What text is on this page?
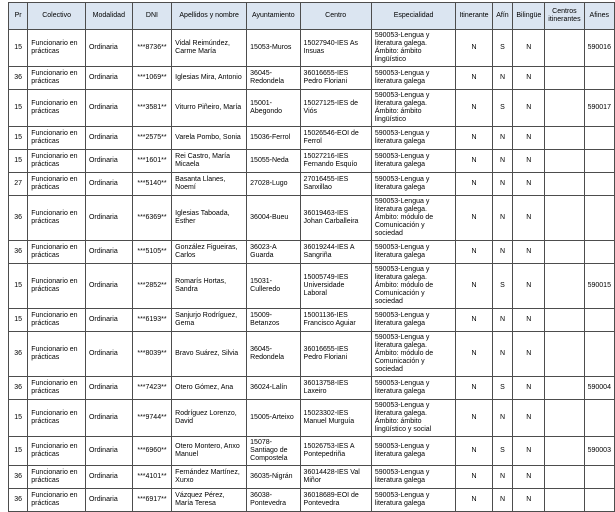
Pr	Colectivo	Modalidad	DNI	Apellidos y nombre	Ayuntamiento	Centro	Especialidad	Itinerante	Afín	Bilingüe	Centros itinerantes	Afines
15	Funcionario en prácticas	Ordinaria	***8736**	Vidal Reimúndez, Carme María	15053-Muros	15027940-IES As Insuas	590053-Lengua y literatura galega. Ámbito: ámbito lingüístico	N	S	N		590016
36	Funcionario en prácticas	Ordinaria	***1069**	Iglesias Mira, Antonio	36045-Redondela	36016655-IES Pedro Floriani	590053-Lengua y literatura galega	N	N	N		
15	Funcionario en prácticas	Ordinaria	***3581**	Viturro Piñeiro, María	15001-Abegondo	15027125-IES de Viós	590053-Lengua y literatura galega. Ámbito: ámbito lingüístico	N	S	N		590017
15	Funcionario en prácticas	Ordinaria	***2575**	Varela Pombo, Sonia	15036-Ferrol	15026546-EOI de Ferrol	590053-Lengua y literatura galega	N	N	N		
15	Funcionario en prácticas	Ordinaria	***1601**	Rei Castro, María Micaela	15055-Neda	15027216-IES Fernando Esquío	590053-Lengua y literatura galega	N	N	N		
27	Funcionario en prácticas	Ordinaria	***5140**	Basanta Llanes, Noemí	27028-Lugo	27016455-IES Sanxillao	590053-Lengua y literatura galega	N	N	N		
36	Funcionario en prácticas	Ordinaria	***6369**	Iglesias Taboada, Esther	36004-Bueu	36019463-IES Johan Carballeira	590053-Lengua y literatura galega. Ámbito: módulo de Comunicación y sociedad	N	N	N		
36	Funcionario en prácticas	Ordinaria	***5105**	González Figueiras, Carlos	36023-A Guarda	36019244-IES A Sangriña	590053-Lengua y literatura galega	N	N	N		
15	Funcionario en prácticas	Ordinaria	***2852**	Romarís Hortas, Sandra	15031-Culleredo	15005749-IES Universidade Laboral	590053-Lengua y literatura galega. Ámbito: módulo de Comunicación y sociedad	N	S	N		590015
15	Funcionario en prácticas	Ordinaria	***6193**	Sanjurjo Rodríguez, Gema	15009-Betanzos	15001136-IES Francisco Aguiar	590053-Lengua y literatura galega	N	N	N		
36	Funcionario en prácticas	Ordinaria	***8039**	Bravo Suárez, Silvia	36045-Redondela	36016655-IES Pedro Floriani	590053-Lengua y literatura galega. Ámbito: módulo de Comunicación y sociedad	N	N	N		
36	Funcionario en prácticas	Ordinaria	***7423**	Otero Gómez, Ana	36024-Lalín	36013758-IES Laxeiro	590053-Lengua y literatura galega	N	S	N		590004
15	Funcionario en prácticas	Ordinaria	***9744**	Rodríguez Lorenzo, David	15005-Arteixo	15023302-IES Manuel Murguía	590053-Lengua y literatura galega. Ámbito: ámbito lingüístico y social	N	N	N		
15	Funcionario en prácticas	Ordinaria	***6960**	Otero Montero, Anxo Manuel	15078-Santiago de Compostela	15026753-IES A Pontepedriña	590053-Lengua y literatura galega	N	S	N		590003
36	Funcionario en prácticas	Ordinaria	***4101**	Fernández Martínez, Xurxo	36035-Nigrán	36014428-IES Val Miñor	590053-Lengua y literatura galega	N	N	N		
36	Funcionario en prácticas	Ordinaria	***6917**	Vázquez Pérez, María Teresa	36038-Pontevedra	36018689-EOI de Pontevedra	590053-Lengua y literatura galega	N	N	N		
